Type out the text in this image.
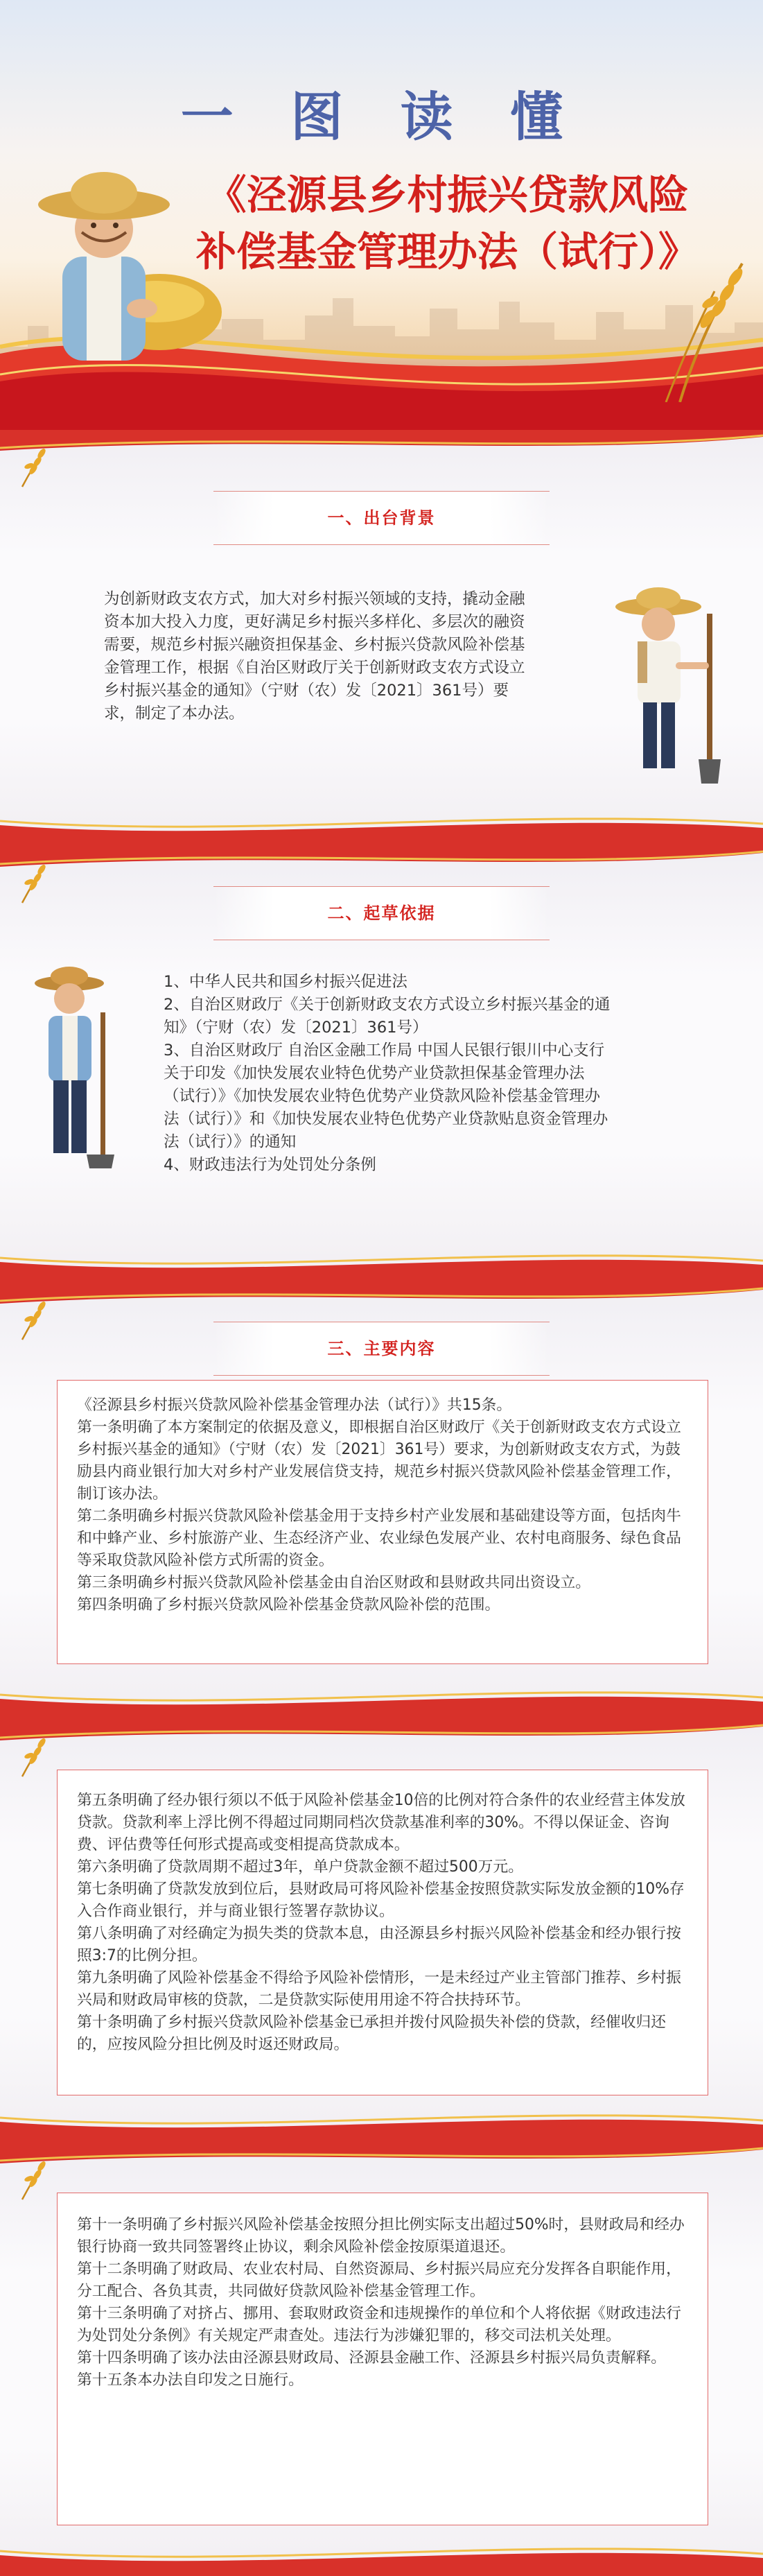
一 图 读 懂
《泾源县乡村振兴贷款风险
补偿基金管理办法（试行）》
一、出台背景
为创新财政支农方式，加大对乡村振兴领域的支持，撬动金融资本加大投入力度，更好满足乡村振兴多样化、多层次的融资需要，规范乡村振兴融资担保基金、乡村振兴贷款风险补偿基金管理工作，根据《自治区财政厅关于创新财政支农方式设立乡村振兴基金的通知》（宁财（农）发〔2021〕361号）要求，制定了本办法。
二、起草依据

1、中华人民共和国乡村振兴促进法

2、自治区财政厅《关于创新财政支农方式设立乡村振兴基金的通知》（宁财（农）发〔2021〕361号）

3、自治区财政厅 自治区金融工作局 中国人民银行银川中心支行关于印发《加快发展农业特色优势产业贷款担保基金管理办法（试行）》《加快发展农业特色优势产业贷款风险补偿基金管理办法（试行）》和《加快发展农业特色优势产业贷款贴息资金管理办法（试行）》的通知

4、财政违法行为处罚处分条例

三、主要内容

《泾源县乡村振兴贷款风险补偿基金管理办法（试行）》共15条。

第一条明确了本方案制定的依据及意义，即根据自治区财政厅《关于创新财政支农方式设立乡村振兴基金的通知》（宁财（农）发〔2021〕361号）要求，为创新财政支农方式，为鼓励县内商业银行加大对乡村产业发展信贷支持，规范乡村振兴贷款风险补偿基金管理工作，制订该办法。

第二条明确乡村振兴贷款风险补偿基金用于支持乡村产业发展和基础建设等方面，包括肉牛和中蜂产业、乡村旅游产业、生态经济产业、农业绿色发展产业、农村电商服务、绿色食品等采取贷款风险补偿方式所需的资金。

第三条明确乡村振兴贷款风险补偿基金由自治区财政和县财政共同出资设立。

第四条明确了乡村振兴贷款风险补偿基金贷款风险补偿的范围。

第五条明确了经办银行须以不低于风险补偿基金10倍的比例对符合条件的农业经营主体发放贷款。贷款利率上浮比例不得超过同期同档次贷款基准利率的30%。不得以保证金、咨询费、评估费等任何形式提高或变相提高贷款成本。

第六条明确了贷款周期不超过3年，单户贷款金额不超过500万元。

第七条明确了贷款发放到位后，县财政局可将风险补偿基金按照贷款实际发放金额的10%存入合作商业银行，并与商业银行签署存款协议。

第八条明确了对经确定为损失类的贷款本息，由泾源县乡村振兴风险补偿基金和经办银行按照3:7的比例分担。

第九条明确了风险补偿基金不得给予风险补偿情形，一是未经过产业主管部门推荐、乡村振兴局和财政局审核的贷款，二是贷款实际使用用途不符合扶持环节。

第十条明确了乡村振兴贷款风险补偿基金已承担并拨付风险损失补偿的贷款，经催收归还的，应按风险分担比例及时返还财政局。

第十一条明确了乡村振兴风险补偿基金按照分担比例实际支出超过50%时，县财政局和经办银行协商一致共同签署终止协议，剩余风险补偿金按原渠道退还。

第十二条明确了财政局、农业农村局、自然资源局、乡村振兴局应充分发挥各自职能作用，分工配合、各负其责，共同做好贷款风险补偿基金管理工作。

第十三条明确了对挤占、挪用、套取财政资金和违规操作的单位和个人将依据《财政违法行为处罚处分条例》有关规定严肃查处。违法行为涉嫌犯罪的，移交司法机关处理。

第十四条明确了该办法由泾源县财政局、泾源县金融工作、泾源县乡村振兴局负责解释。

第十五条本办法自印发之日施行。
